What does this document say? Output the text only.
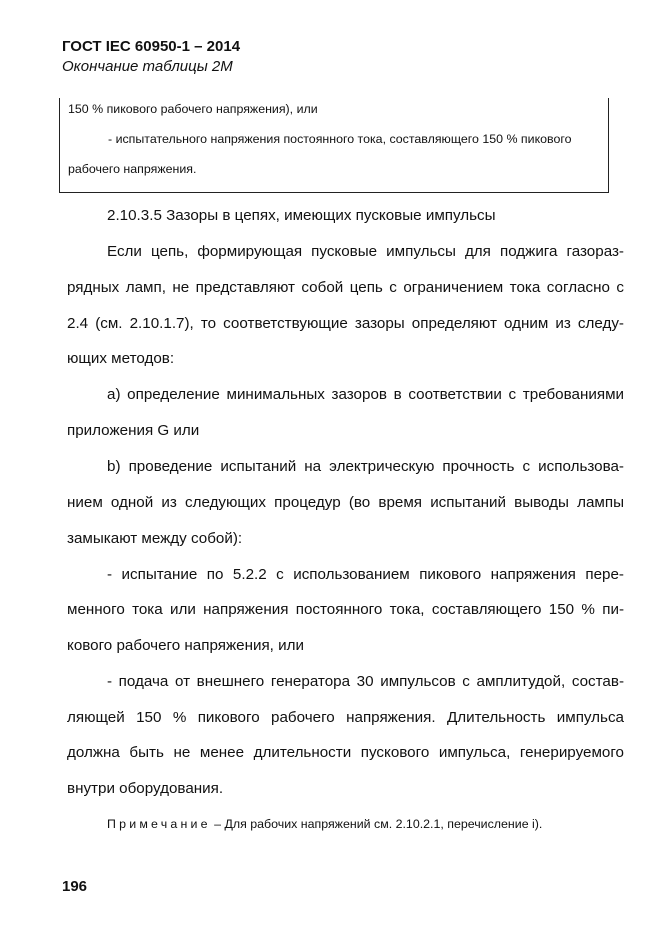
ГОСТ IEC 60950-1 – 2014
Окончание таблицы 2М
150 % пикового рабочего напряжения), или
- испытательного напряжения постоянного тока, составляющего 150 % пикового
рабочего напряжения.
2.10.3.5 Зазоры в цепях, имеющих пусковые импульсы
Если цепь, формирующая пусковые импульсы для поджига газораз-
рядных ламп, не представляют собой цепь с ограничением тока согласно с
2.4 (см. 2.10.1.7), то соответствующие зазоры определяют одним из следу-
ющих методов:
a) определение минимальных зазоров в соответствии с требованиями
приложения G или
b) проведение испытаний на электрическую прочность с использова-
нием одной из следующих процедур (во время испытаний выводы лампы
замыкают между собой):
- испытание по 5.2.2 с использованием пикового напряжения пере-
менного тока или напряжения постоянного тока, составляющего 150 % пи-
кового рабочего напряжения, или
- подача от внешнего генератора 30 импульсов с амплитудой, состав-
ляющей 150 % пикового рабочего напряжения. Длительность импульса
должна быть не менее длительности пускового импульса, генерируемого
внутри оборудования.
Примечание – Для рабочих напряжений см. 2.10.2.1, перечисление i).
196
